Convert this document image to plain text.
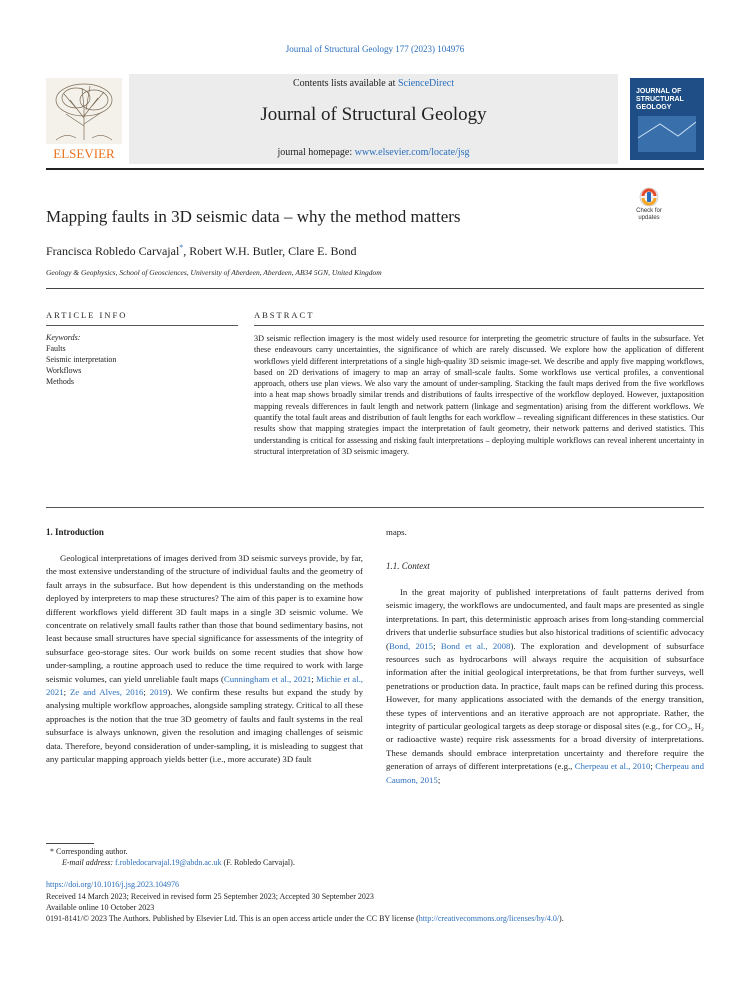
Journal of Structural Geology 177 (2023) 104976
ELSEVIER
Contents lists available at ScienceDirect
Journal of Structural Geology
journal homepage: www.elsevier.com/locate/jsg
JOURNAL OF STRUCTURAL GEOLOGY
Check for updates
Mapping faults in 3D seismic data – why the method matters
Francisca Robledo Carvajal*, Robert W.H. Butler, Clare E. Bond
Geology & Geophysics, School of Geosciences, University of Aberdeen, Aberdeen, AB34 5GN, United Kingdom
ARTICLE INFO	ABSTRACT
Keywords:
Faults
Seismic interpretation
Workflows
Methods
3D seismic reflection imagery is the most widely used resource for interpreting the geometric structure of faults in the subsurface. Yet these endeavours carry uncertainties, the significance of which are rarely discussed. We explore how the application of different workflows yield different interpretations of a single high-quality 3D seismic image-set. We describe and apply five mapping workflows, based on 2D derivations of imagery to map an array of small-scale faults. Some workflows use vertical profiles, a conventional approach, others use plan views. We also vary the amount of under-sampling. Stacking the fault maps derived from the five workflows into a heat map shows broadly similar trends and distributions of faults irrespective of the workflow deployed. However, juxtaposition mapping reveals differences in fault length and network pattern (linkage and segmentation) arising from the different workflows. We quantify the total fault areas and distribution of fault lengths for each workflow – revealing significant differences in these statistics. Our results show that mapping strategies impact the interpretation of fault geometry, their network patterns and derived statistics. This understanding is critical for assessing and risking fault interpretations – deploying multiple workflows can reveal inherent uncertainty in structural interpretation of 3D seismic imagery.
1. Introduction

Geological interpretations of images derived from 3D seismic surveys provide, by far, the most extensive understanding of the structure of individual faults and the geometry of fault arrays in the subsurface. But how dependent is this understanding on the methods deployed by interpreters to map these structures? The aim of this paper is to examine how different workflows yield different 3D fault maps in a single 3D seismic volume. We concentrate on relatively small faults rather than those that bound sedimentary basins, not least because small structures have special significance for assessments of the integrity of subsurface geo-storage sites. Our work builds on some recent studies that show how under-sampling, a routine approach used to reduce the time required to work with large seismic volumes, can yield unreliable fault maps (Cunningham et al., 2021; Michie et al., 2021; Ze and Alves, 2016; 2019). We confirm these results but expand the study by analysing multiple workflow approaches, alongside sampling strategy. Critical to all these approaches is the notion that the true 3D geometry of faults and fault systems in the real subsurface is always unknown, given the resolution and imaging challenges of seismic data. Therefore, beyond consideration of under-sampling, it is misleading to suggest that any particular mapping approach yields better (i.e., more accurate) 3D fault

maps.
1.1. Context

In the great majority of published interpretations of fault patterns derived from seismic imagery, the workflows are undocumented, and fault maps are presented as single interpretations. In part, this deterministic approach arises from long-standing commercial drivers that underlie subsurface studies but also historical traditions of scientific advocacy (Bond, 2015; Bond et al., 2008). The exploration and development of subsurface resources such as hydrocarbons will always require the acquisition of subsurface information after the initial geological interpretations, be that from further surveys, well penetrations or production data. In practice, fault maps can be refined during this process. However, for many applications associated with the demands of the energy transition, these types of interventions and an iterative approach are not appropriate. Rather, the integrity of particular geological targets as deep storage or disposal sites (e.g., for CO₂, H₂ or radioactive waste) require risk assessments for a broad diversity of interpretations. These demands should embrace interpretation uncertainty and therefore require the generation of arrays of different interpretations (e.g., Cherpeau et al., 2010; Cherpeau and Caumon, 2015;

* Corresponding author.
E-mail address: f.robledocarvajal.19@abdn.ac.uk (F. Robledo Carvajal).
https://doi.org/10.1016/j.jsg.2023.104976
Received 14 March 2023; Received in revised form 25 September 2023; Accepted 30 September 2023
Available online 10 October 2023
0191-8141/© 2023 The Authors. Published by Elsevier Ltd. This is an open access article under the CC BY license (http://creativecommons.org/licenses/by/4.0/).
